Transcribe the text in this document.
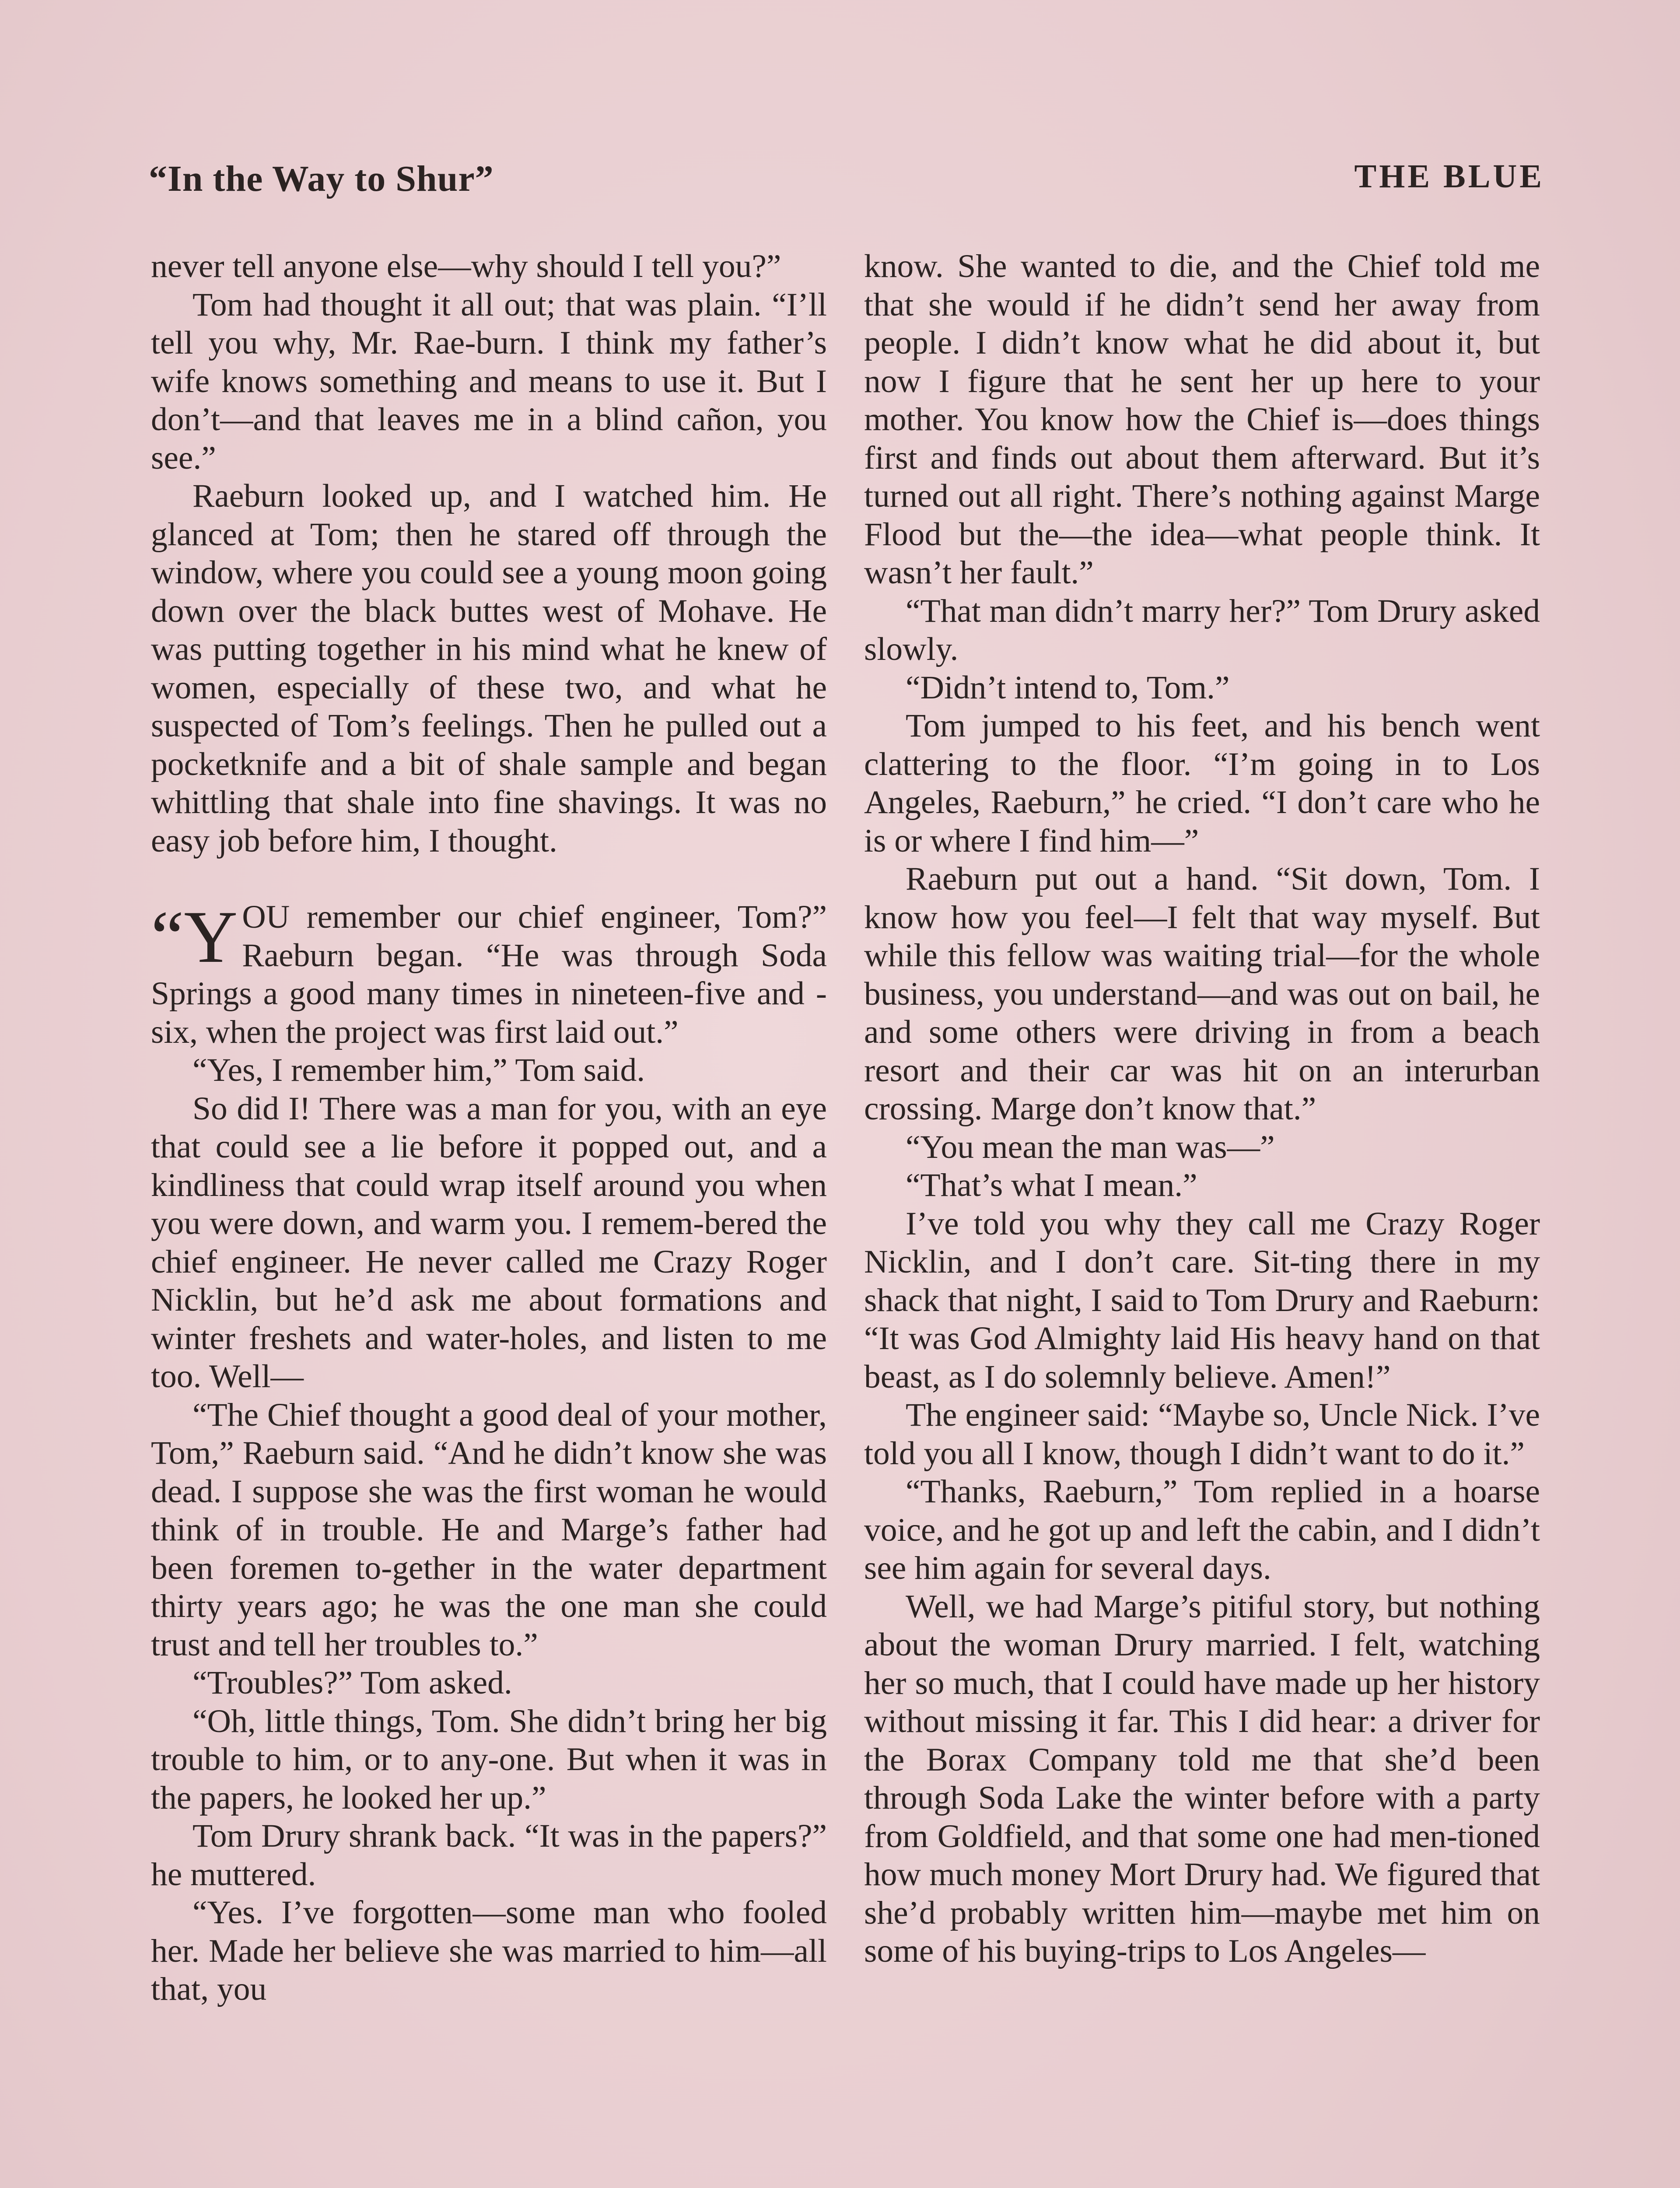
“In the Way to Shur”	THE BLUE

never tell anyone else—why should I tell you?”

Tom had thought it all out; that was plain. “I’ll tell you why, Mr. Rae-burn. I think my father’s wife knows something and means to use it. But I don’t—and that leaves me in a blind cañon, you see.”

Raeburn looked up, and I watched him. He glanced at Tom; then he stared off through the window, where you could see a young moon going down over the black buttes west of Mohave. He was putting together in his mind what he knew of women, especially of these two, and what he suspected of Tom’s feelings. Then he pulled out a pocketknife and a bit of shale sample and began whittling that shale into fine shavings. It was no easy job before him, I thought.

“Y OU remember our chief engineer, Tom?” Raeburn began. “He was through Soda Springs a good many times in nineteen-five and -six, when the project was first laid out.”

“Yes, I remember him,” Tom said.

So did I! There was a man for you, with an eye that could see a lie before it popped out, and a kindliness that could wrap itself around you when you were down, and warm you. I remem-bered the chief engineer. He never called me Crazy Roger Nicklin, but he’d ask me about formations and winter freshets and water-holes, and listen to me too. Well—

“The Chief thought a good deal of your mother, Tom,” Raeburn said. “And he didn’t know she was dead. I suppose she was the first woman he would think of in trouble. He and Marge’s father had been foremen to-gether in the water department thirty years ago; he was the one man she could trust and tell her troubles to.”

“Troubles?” Tom asked.

“Oh, little things, Tom. She didn’t bring her big trouble to him, or to any-one. But when it was in the papers, he looked her up.”

Tom Drury shrank back. “It was in the papers?” he muttered.

“Yes. I’ve forgotten—some man who fooled her. Made her believe she was married to him—all that, you

know. She wanted to die, and the Chief told me that she would if he didn’t send her away from people. I didn’t know what he did about it, but now I figure that he sent her up here to your mother. You know how the Chief is—does things first and finds out about them afterward. But it’s turned out all right. There’s nothing against Marge Flood but the—the idea—what people think. It wasn’t her fault.”

“That man didn’t marry her?” Tom Drury asked slowly.

“Didn’t intend to, Tom.”

Tom jumped to his feet, and his bench went clattering to the floor. “I’m going in to Los Angeles, Raeburn,” he cried. “I don’t care who he is or where I find him—”

Raeburn put out a hand. “Sit down, Tom. I know how you feel—I felt that way myself. But while this fellow was waiting trial—for the whole business, you understand—and was out on bail, he and some others were driving in from a beach resort and their car was hit on an interurban crossing. Marge don’t know that.”

“You mean the man was—”

“That’s what I mean.”

I’ve told you why they call me Crazy Roger Nicklin, and I don’t care. Sit-ting there in my shack that night, I said to Tom Drury and Raeburn: “It was God Almighty laid His heavy hand on that beast, as I do solemnly believe. Amen!”

The engineer said: “Maybe so, Uncle Nick. I’ve told you all I know, though I didn’t want to do it.”

“Thanks, Raeburn,” Tom replied in a hoarse voice, and he got up and left the cabin, and I didn’t see him again for several days.

Well, we had Marge’s pitiful story, but nothing about the woman Drury married. I felt, watching her so much, that I could have made up her history without missing it far. This I did hear: a driver for the Borax Company told me that she’d been through Soda Lake the winter before with a party from Goldfield, and that some one had men-tioned how much money Mort Drury had. We figured that she’d probably written him—maybe met him on some of his buying-trips to Los Angeles—
